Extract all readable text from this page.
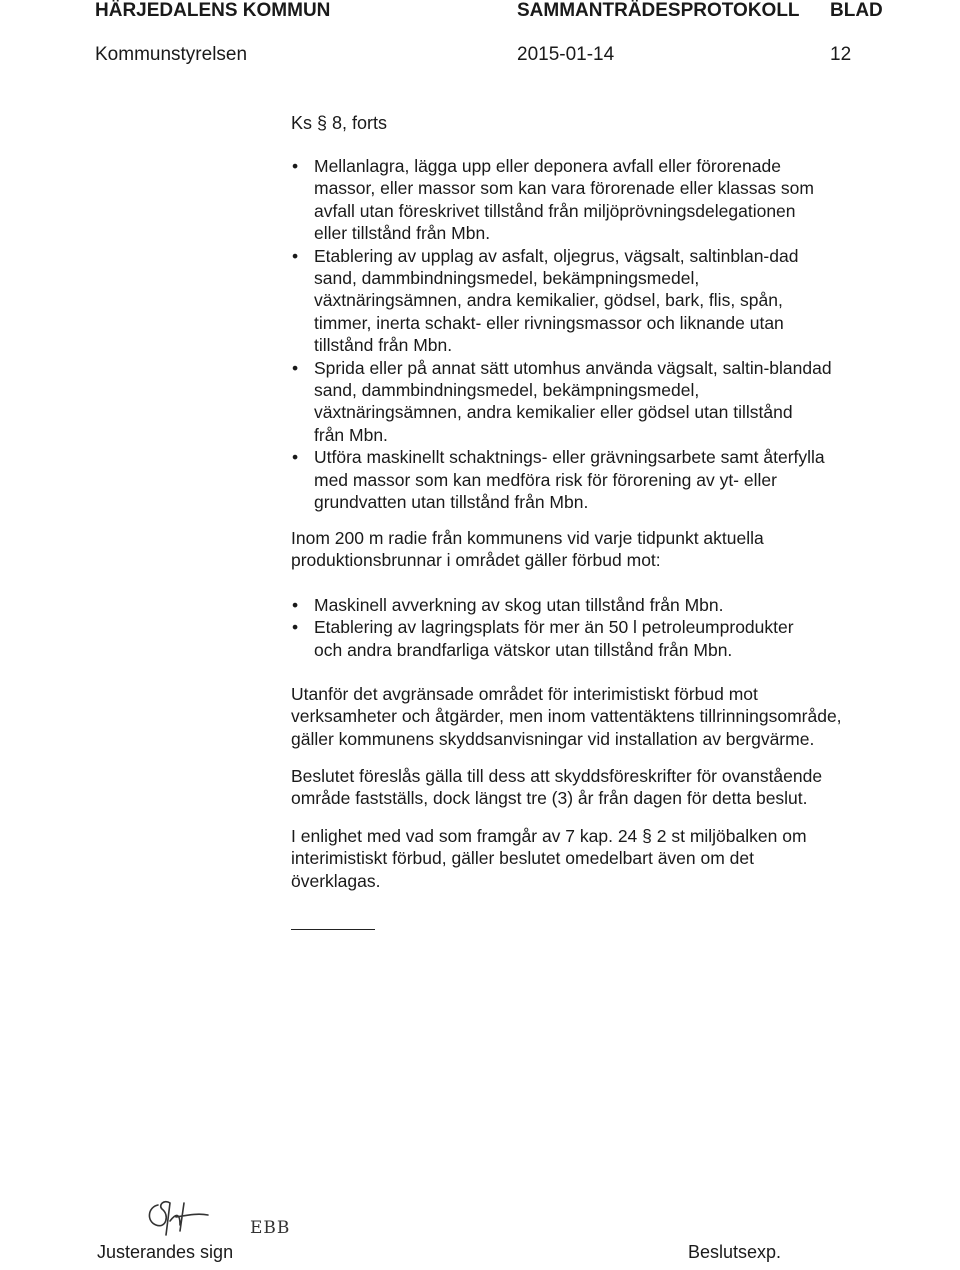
HÄRJEDALENS KOMMUN	SAMMANTRÄDESPROTOKOLL BLAD
Kommunstyrelsen	2015-01-14	12
Ks § 8, forts
• Mellanlagra, lägga upp eller deponera avfall eller förorenade
massor, eller massor som kan vara förorenade eller klassas som
avfall utan föreskrivet tillstånd från miljöprövningsdelegationen
eller tillstånd från Mbn.
• Etablering av upplag av asfalt, oljegrus, vägsalt, saltinblan-dad
sand, dammbindningsmedel, bekämpningsmedel,
växtnäringsämnen, andra kemikalier, gödsel, bark, flis, spån,
timmer, inerta schakt- eller rivningsmassor och liknande utan
tillstånd från Mbn.
• Sprida eller på annat sätt utomhus använda vägsalt, saltin-blandad
sand, dammbindningsmedel, bekämpningsmedel,
växtnäringsämnen, andra kemikalier eller gödsel utan tillstånd
från Mbn.
• Utföra maskinellt schaktnings- eller grävningsarbete samt återfylla
med massor som kan medföra risk för förorening av yt- eller
grundvatten utan tillstånd från Mbn.
Inom 200 m radie från kommunens vid varje tidpunkt aktuella
produktionsbrunnar i området gäller förbud mot:
• Maskinell avverkning av skog utan tillstånd från Mbn.
• Etablering av lagringsplats för mer än 50 l petroleumprodukter
och andra brandfarliga vätskor utan tillstånd från Mbn.
Utanför det avgränsade området för interimistiskt förbud mot
verksamheter och åtgärder, men inom vattentäktens tillrinningsområde,
gäller kommunens skyddsanvisningar vid installation av bergvärme.
Beslutet föreslås gälla till dess att skyddsföreskrifter för ovanstående
område fastställs, dock längst tre (3) år från dagen för detta beslut.
I enlighet med vad som framgår av 7 kap. 24 § 2 st miljöbalken om
interimistiskt förbud, gäller beslutet omedelbart även om det
överklagas.
EBB
Justerandes sign	Beslutsexp.
